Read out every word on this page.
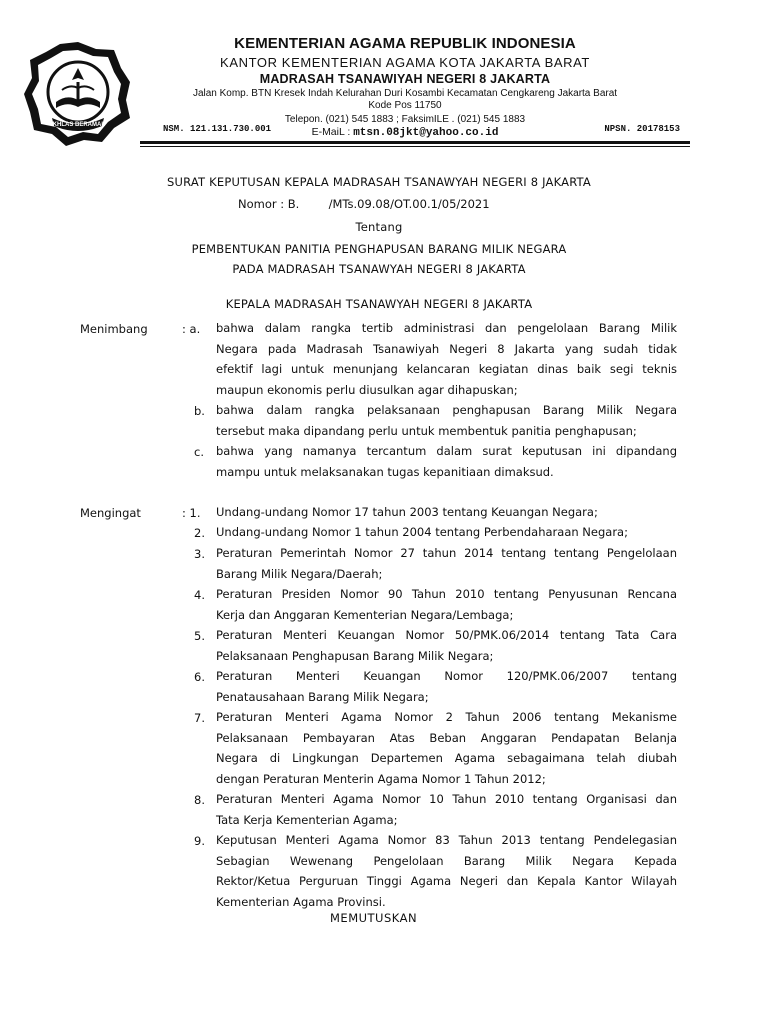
IKHLAS BERAMAL
KEMENTERIAN AGAMA REPUBLIK INDONESIA
KANTOR KEMENTERIAN AGAMA KOTA JAKARTA BARAT
MADRASAH TSANAWIYAH NEGERI 8 JAKARTA
Jalan Komp. BTN Kresek Indah Kelurahan Duri Kosambi Kecamatan Cengkareng Jakarta Barat
Kode Pos 11750
Telepon. (021) 545 1883 ; FaksimILE . (021) 545 1883
E-MaiL : mtsn.08jkt@yahoo.co.id
NSM. 121.131.730.001	NPSN. 20178153
SURAT KEPUTUSAN KEPALA MADRASAH TSANAWYAH NEGERI 8 JAKARTA
Nomor : B.        /MTs.09.08/OT.00.1/05/2021
Tentang
PEMBENTUKAN PANITIA PENGHAPUSAN BARANG MILIK NEGARA
PADA MADRASAH TSANAWYAH NEGERI 8 JAKARTA
KEPALA MADRASAH TSANAWYAH NEGERI 8 JAKARTA
Menimbang	: a. bahwa dalam rangka tertib administrasi dan pengelolaan Barang Milik
Negara pada Madrasah Tsanawiyah Negeri 8 Jakarta yang sudah tidak
efektif lagi untuk menunjang kelancaran kegiatan dinas baik segi teknis
maupun ekonomis perlu diusulkan agar dihapuskan;
b. bahwa dalam rangka pelaksanaan penghapusan Barang Milik Negara
tersebut maka dipandang perlu untuk membentuk panitia penghapusan;
c. bahwa yang namanya tercantum dalam surat keputusan ini dipandang
mampu untuk melaksanakan tugas kepanitiaan dimaksud.
Mengingat	: 1. Undang-undang Nomor 17 tahun 2003 tentang Keuangan Negara;
2. Undang-undang Nomor 1 tahun 2004 tentang Perbendaharaan Negara;
3. Peraturan Pemerintah Nomor 27 tahun 2014 tentang tentang Pengelolaan
Barang Milik Negara/Daerah;
4. Peraturan Presiden Nomor 90 Tahun 2010 tentang Penyusunan Rencana
Kerja dan Anggaran Kementerian Negara/Lembaga;
5. Peraturan Menteri Keuangan Nomor 50/PMK.06/2014 tentang Tata Cara
Pelaksanaan Penghapusan Barang Milik Negara;
6. Peraturan Menteri Keuangan Nomor 120/PMK.06/2007 tentang
Penatausahaan Barang Milik Negara;
7. Peraturan Menteri Agama Nomor 2 Tahun 2006 tentang Mekanisme
Pelaksanaan Pembayaran Atas Beban Anggaran Pendapatan Belanja
Negara di Lingkungan Departemen Agama sebagaimana telah diubah
dengan Peraturan Menterin Agama Nomor 1 Tahun 2012;
8. Peraturan Menteri Agama Nomor 10 Tahun 2010 tentang Organisasi dan
Tata Kerja Kementerian Agama;
9. Keputusan Menteri Agama Nomor 83 Tahun 2013 tentang Pendelegasian
Sebagian Wewenang Pengelolaan Barang Milik Negara Kepada
Rektor/Ketua Perguruan Tinggi Agama Negeri dan Kepala Kantor Wilayah
Kementerian Agama Provinsi.
MEMUTUSKAN
